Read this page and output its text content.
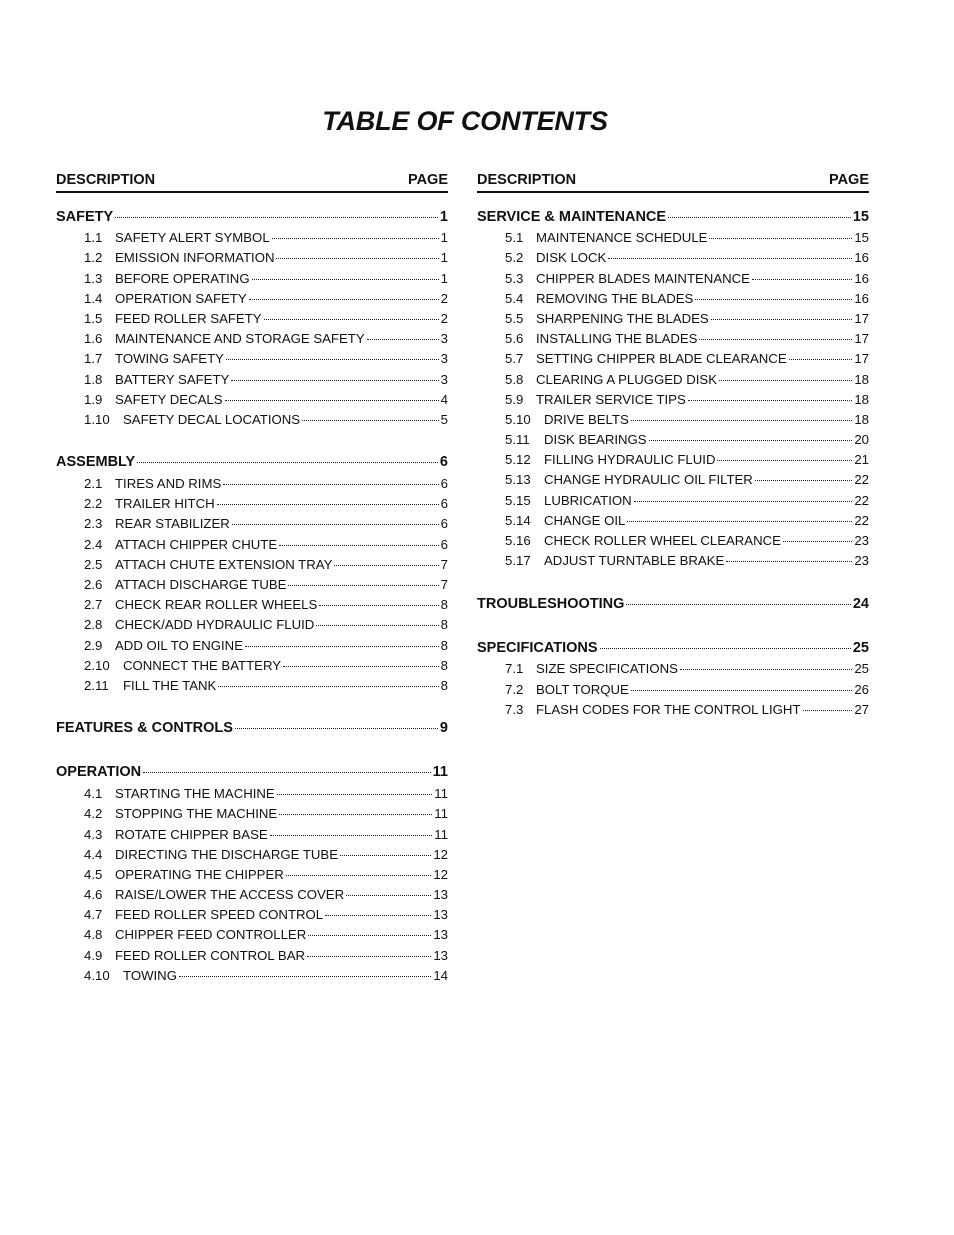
TABLE OF CONTENTS
DESCRIPTION	PAGE
SAFETY	1
1.1 SAFETY ALERT SYMBOL	1
1.2 EMISSION INFORMATION	1
1.3 BEFORE OPERATING	1
1.4 OPERATION SAFETY	2
1.5 FEED ROLLER SAFETY	2
1.6 MAINTENANCE AND STORAGE SAFETY	3
1.7 TOWING SAFETY	3
1.8 BATTERY SAFETY	3
1.9 SAFETY DECALS	4
1.10	SAFETY DECAL LOCATIONS	5
ASSEMBLY	6
2.1 TIRES AND RIMS	6
2.2 TRAILER HITCH	6
2.3 REAR STABILIZER	6
2.4 ATTACH CHIPPER CHUTE	6
2.5 ATTACH CHUTE EXTENSION TRAY	7
2.6 ATTACH DISCHARGE TUBE	7
2.7 CHECK REAR ROLLER WHEELS	8
2.8 CHECK/ADD HYDRAULIC FLUID	8
2.9 ADD OIL TO ENGINE	8
2.10	CONNECT THE BATTERY	8
2.11	FILL THE TANK	8
FEATURES & CONTROLS	9
OPERATION	11
4.1 STARTING THE MACHINE	11
4.2 STOPPING THE MACHINE	11
4.3 ROTATE CHIPPER BASE	11
4.4 DIRECTING THE DISCHARGE TUBE	12
4.5 OPERATING THE CHIPPER	12
4.6 RAISE/LOWER THE ACCESS COVER	13
4.7 FEED ROLLER SPEED CONTROL	13
4.8 CHIPPER FEED CONTROLLER	13
4.9 FEED ROLLER CONTROL BAR	13
4.10	TOWING	14
DESCRIPTION	PAGE
SERVICE & MAINTENANCE	15
5.1 MAINTENANCE SCHEDULE	15
5.2 DISK LOCK	16
5.3 CHIPPER BLADES MAINTENANCE	16
5.4 REMOVING THE BLADES	16
5.5 SHARPENING THE BLADES	17
5.6 INSTALLING THE BLADES	17
5.7 SETTING CHIPPER BLADE CLEARANCE	17
5.8 CLEARING A PLUGGED DISK	18
5.9 TRAILER SERVICE TIPS	18
5.10	DRIVE BELTS	18
5.11	DISK BEARINGS	20
5.12	FILLING HYDRAULIC FLUID	21
5.13	CHANGE HYDRAULIC OIL FILTER	22
5.15	LUBRICATION	22
5.14	CHANGE OIL	22
5.16	CHECK ROLLER WHEEL CLEARANCE	23
5.17	ADJUST TURNTABLE BRAKE	23
TROUBLESHOOTING	24
SPECIFICATIONS	25
7.1 SIZE SPECIFICATIONS	25
7.2 BOLT TORQUE	26
7.3 FLASH CODES FOR THE CONTROL LIGHT	27
